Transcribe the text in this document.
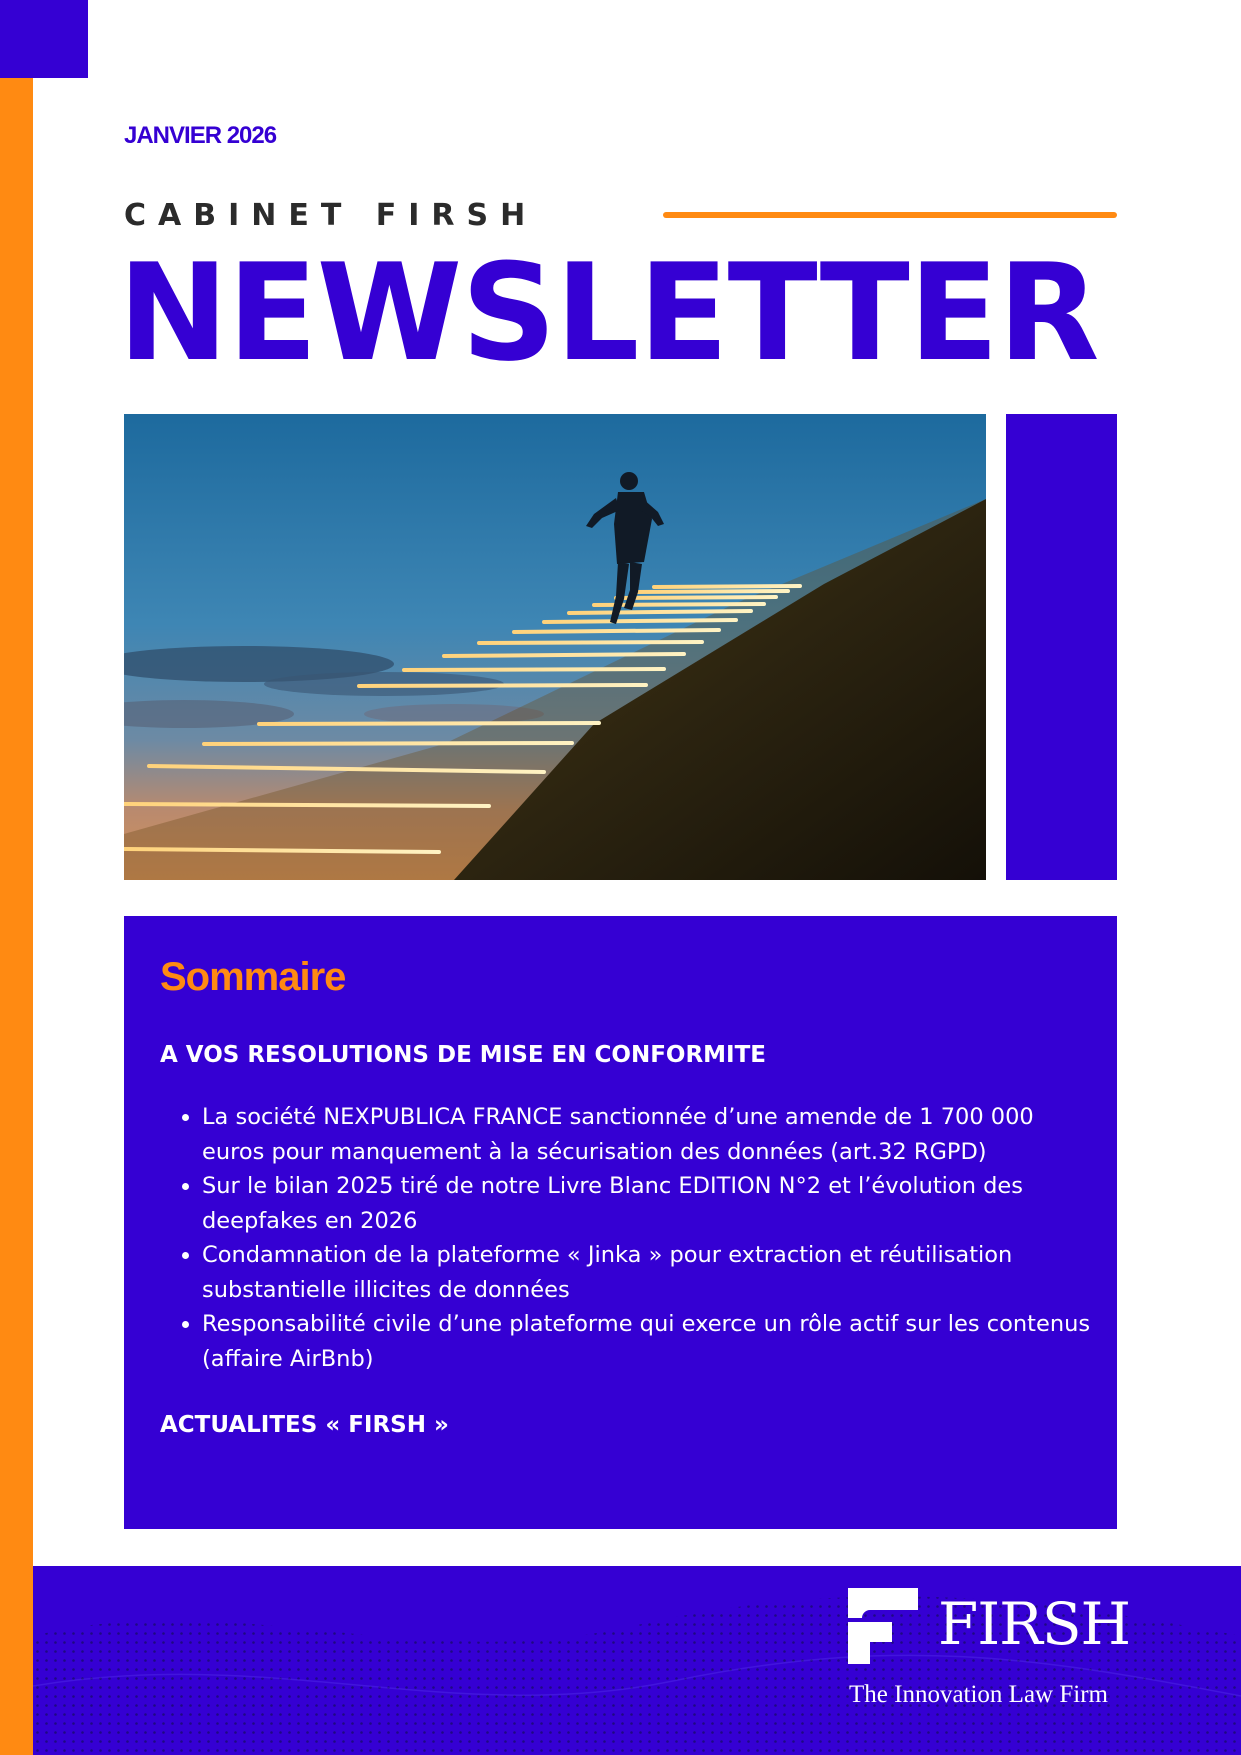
JANVIER 2026

CABINET FIRSH

NEWSLETTER
Sommaire

A VOS RESOLUTIONS DE MISE EN CONFORMITE

• La société NEXPUBLICA FRANCE sanctionnée d’une amende de 1 700 000 euros pour manquement à la sécurisation des données (art.32 RGPD)
• Sur le bilan 2025 tiré de notre Livre Blanc EDITION N°2 et l’évolution des deepfakes en 2026
• Condamnation de la plateforme « Jinka » pour extraction et réutilisation substantielle illicites de données
• Responsabilité civile d’une plateforme qui exerce un rôle actif sur les contenus (affaire AirBnb)

ACTUALITES « FIRSH »

FIRSH

The Innovation Law Firm
